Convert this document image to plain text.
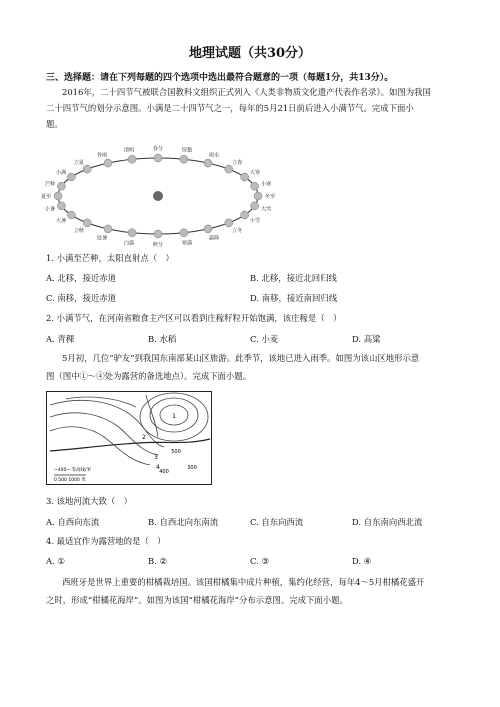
地理试题（共30分）
三、选择题：请在下列每题的四个选项中选出最符合题意的一项（每题1分，共13分）。
2016年，二十四节气被联合国教科文组织正式列入《人类非物质文化遗产代表作名录》。如图为我国
二十四节气的划分示意图。小满是二十四节气之一，每年的5月21日前后进入小满节气。完成下面小
题。
春分	惊蛰
雨水
立春
大寒
小寒
冬至
大雪
小雪
立冬
霜降
寒露
秋分
白露
处暑
立秋
大暑
小暑
夏至
芒种
小满
立夏
谷雨
清明
1. 小满至芒种，太阳直射点（　）
A. 北移，接近赤道	B. 北移，接近北回归线
C. 南移，接近赤道	D. 南移，接近南回归线
2. 小满节气，在河南省粮食主产区可以看到庄稼籽粒开始饱满，该庄稼是（　）
A. 青稞	B. 水稻	C. 小麦	D. 高粱
5月初，几位“驴友”到我国东南部某山区旅游。此季节，该地已进入雨季。如图为该山区地形示意
图（图中①～④处为露营的备选地点）。完成下面小题。
1
2
3
4
500
400
300
~400~ 等高线/米
0 500 1000 米
3. 该地河流大致（　）
A. 自西向东流	B. 自西北向东南流	C. 自东向西流	D. 自东南向西北流
4. 最适宜作为露营地的是（　）
A. ①	B. ②	C. ③	D. ④
西班牙是世界上重要的柑橘栽培国。该国柑橘集中成片种植，集约化经营，每年4～5月柑橘花盛开
之时，形成“柑橘花海岸”。如图为该国“柑橘花海岸”分布示意图。完成下面小题。
